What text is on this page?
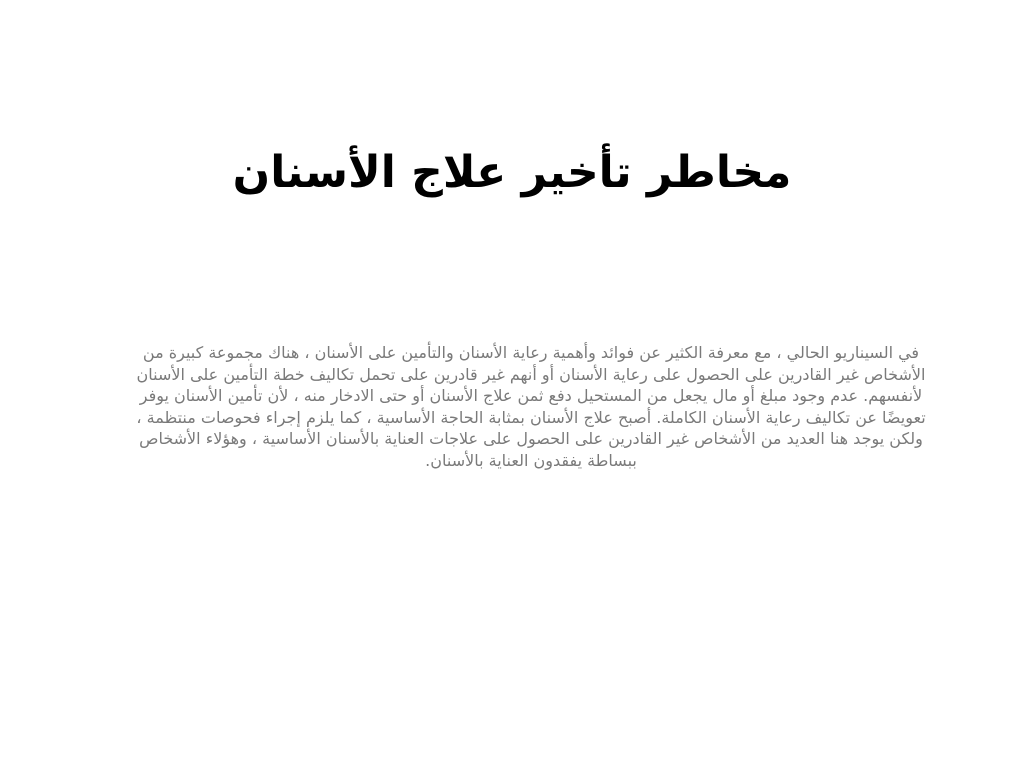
مخاطر تأخير علاج الأسنان

في السيناريو الحالي ، مع معرفة الكثير عن فوائد وأهمية رعاية الأسنان والتأمين على الأسنان ، هناك مجموعة كبيرة من الأشخاص غير القادرين على الحصول على رعاية الأسنان أو أنهم غير قادرين على تحمل تكاليف خطة التأمين على الأسنان لأنفسهم. عدم وجود مبلغ أو مال يجعل من المستحيل دفع ثمن علاج الأسنان أو حتى الادخار منه ، لأن تأمين الأسنان يوفر تعويضًا عن تكاليف رعاية الأسنان الكاملة. أصبح علاج الأسنان بمثابة الحاجة الأساسية ، كما يلزم إجراء فحوصات منتظمة ، ولكن يوجد هنا العديد من الأشخاص غير القادرين على الحصول على علاجات العناية بالأسنان الأساسية ، وهؤلاء الأشخاص ببساطة يفقدون العناية بالأسنان.
